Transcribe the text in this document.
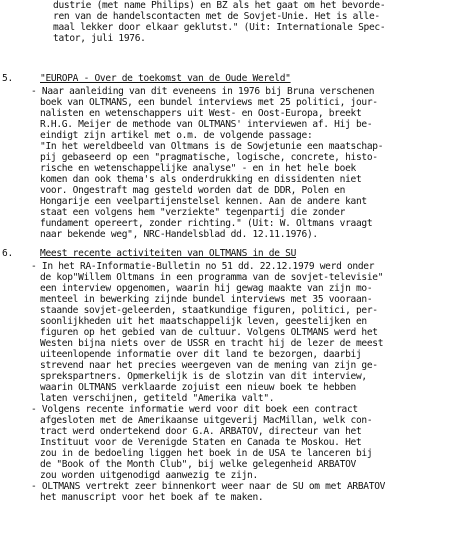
dustrie (met name Philips) en BZ als het gaat om het bevorde-
ren van de handelscontacten met de Sovjet-Unie. Het is alle-
maal lekker door elkaar geklutst." (Uit: Internationale Spec-
tator, juli 1976.
5.	"EUROPA - Over de toekomst van de Oude Wereld"
- Naar aanleiding van dit eveneens in 1976 bij Bruna verschenen
boek van OLTMANS, een bundel interviews met 25 politici, jour-
nalisten en wetenschappers uit West- en Oost-Europa, breekt
R.H.G. Meijer de methode van OLTMANS' interviewen af. Hij be-
eindigt zijn artikel met o.m. de volgende passage:
"In het wereldbeeld van Oltmans is de Sowjetunie een maatschap-
pij gebaseerd op een "pragmatische, logische, concrete, histo-
rische en wetenschappelijke analyse" - en in het hele boek
komen dan ook thema's als onderdrukking en dissidenten niet
voor. Ongestraft mag gesteld worden dat de DDR, Polen en
Hongarije een veelpartijenstelsel kennen. Aan de andere kant
staat een volgens hem "verziekte" tegenpartij die zonder
fundament opereert, zonder richting." (Uit: W. Oltmans vraagt
naar bekende weg", NRC-Handelsblad dd. 12.11.1976).
6.	Meest recente activiteiten van OLTMANS in de SU
- In het RA-Informatie-Bulletin no 51 dd. 22.12.1979 werd onder
de kop"Willem Oltmans in een programma van de sovjet-televisie"
een interview opgenomen, waarin hij gewag maakte van zijn mo-
menteel in bewerking zijnde bundel interviews met 35 vooraan-
staande sovjet-geleerden, staatkundige figuren, politici, per-
soonlijkheden uit het maatschappelijk leven, geestelijken en
figuren op het gebied van de cultuur. Volgens OLTMANS werd het
Westen bijna niets over de USSR en tracht hij de lezer de meest
uiteenlopende informatie over dit land te bezorgen, daarbij
strevend naar het precies weergeven van de mening van zijn ge-
sprekspartners. Opmerkelijk is de slotzin van dit interview,
waarin OLTMANS verklaarde zojuist een nieuw boek te hebben
laten verschijnen, getiteld "Amerika valt".
- Volgens recente informatie werd voor dit boek een contract
afgesloten met de Amerikaanse uitgeverij MacMillan, welk con-
tract werd ondertekend door G.A. ARBATOV, directeur van het
Instituut voor de Verenigde Staten en Canada te Moskou. Het
zou in de bedoeling liggen het boek in de USA te lanceren bij
de "Book of the Month Club", bij welke gelegenheid ARBATOV
zou worden uitgenodigd aanwezig te zijn.
- OLTMANS vertrekt zeer binnenkort weer naar de SU om met ARBATOV
het manuscript voor het boek af te maken.
